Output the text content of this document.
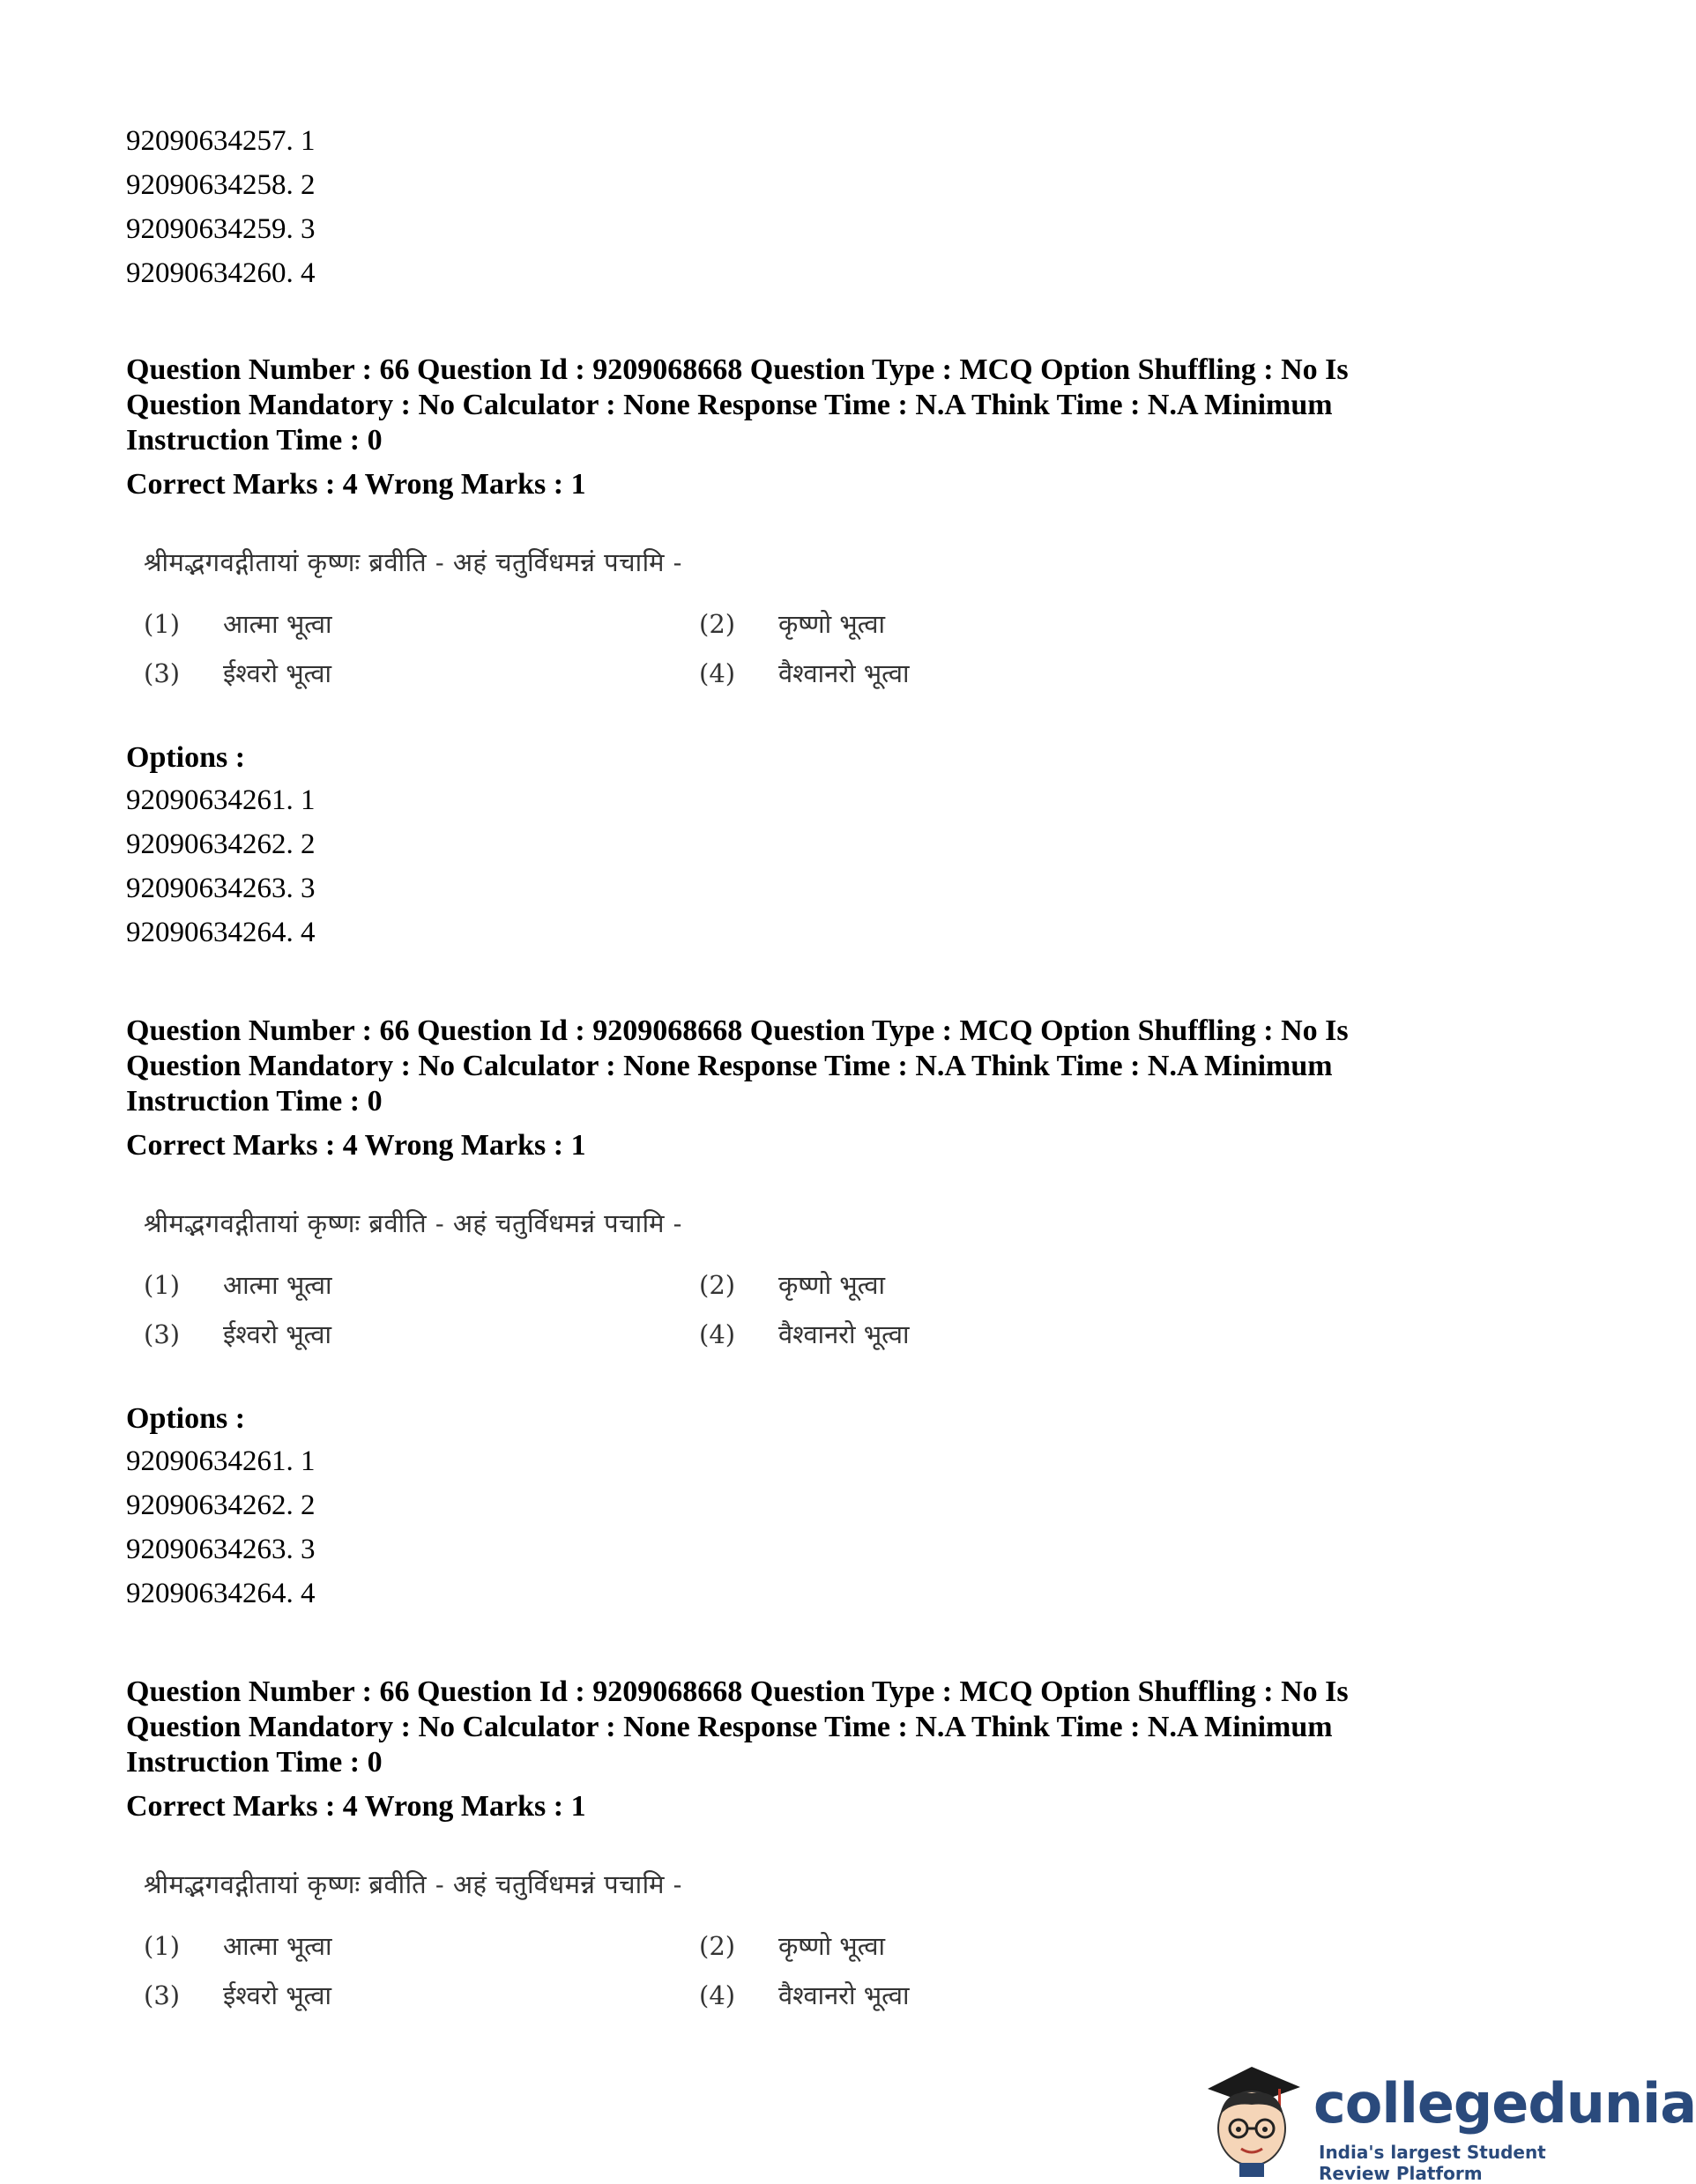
92090634257. 1
92090634258. 2
92090634259. 3
92090634260. 4
Question Number : 66 Question Id : 9209068668 Question Type : MCQ Option Shuffling : No Is
Question Mandatory : No Calculator : None Response Time : N.A Think Time : N.A Minimum
Instruction Time : 0
Correct Marks : 4 Wrong Marks : 1
श्रीमद्भगवद्गीतायां कृष्णः ब्रवीति - अहं चतुर्विधमन्नं पचामि -
(1) आत्मा भूत्वा	(2) कृष्णो भूत्वा
(3) ईश्वरो भूत्वा	(4) वैश्वानरो भूत्वा
Options :
92090634261. 1
92090634262. 2
92090634263. 3
92090634264. 4
Question Number : 66 Question Id : 9209068668 Question Type : MCQ Option Shuffling : No Is
Question Mandatory : No Calculator : None Response Time : N.A Think Time : N.A Minimum
Instruction Time : 0
Correct Marks : 4 Wrong Marks : 1
श्रीमद्भगवद्गीतायां कृष्णः ब्रवीति - अहं चतुर्विधमन्नं पचामि -
(1) आत्मा भूत्वा	(2) कृष्णो भूत्वा
(3) ईश्वरो भूत्वा	(4) वैश्वानरो भूत्वा
Options :
92090634261. 1
92090634262. 2
92090634263. 3
92090634264. 4
Question Number : 66 Question Id : 9209068668 Question Type : MCQ Option Shuffling : No Is
Question Mandatory : No Calculator : None Response Time : N.A Think Time : N.A Minimum
Instruction Time : 0
Correct Marks : 4 Wrong Marks : 1
श्रीमद्भगवद्गीतायां कृष्णः ब्रवीति - अहं चतुर्विधमन्नं पचामि -
(1) आत्मा भूत्वा	(2) कृष्णो भूत्वा
(3) ईश्वरो भूत्वा	(4) वैश्वानरो भूत्वा
collegedunia
India's largest Student Review Platform
